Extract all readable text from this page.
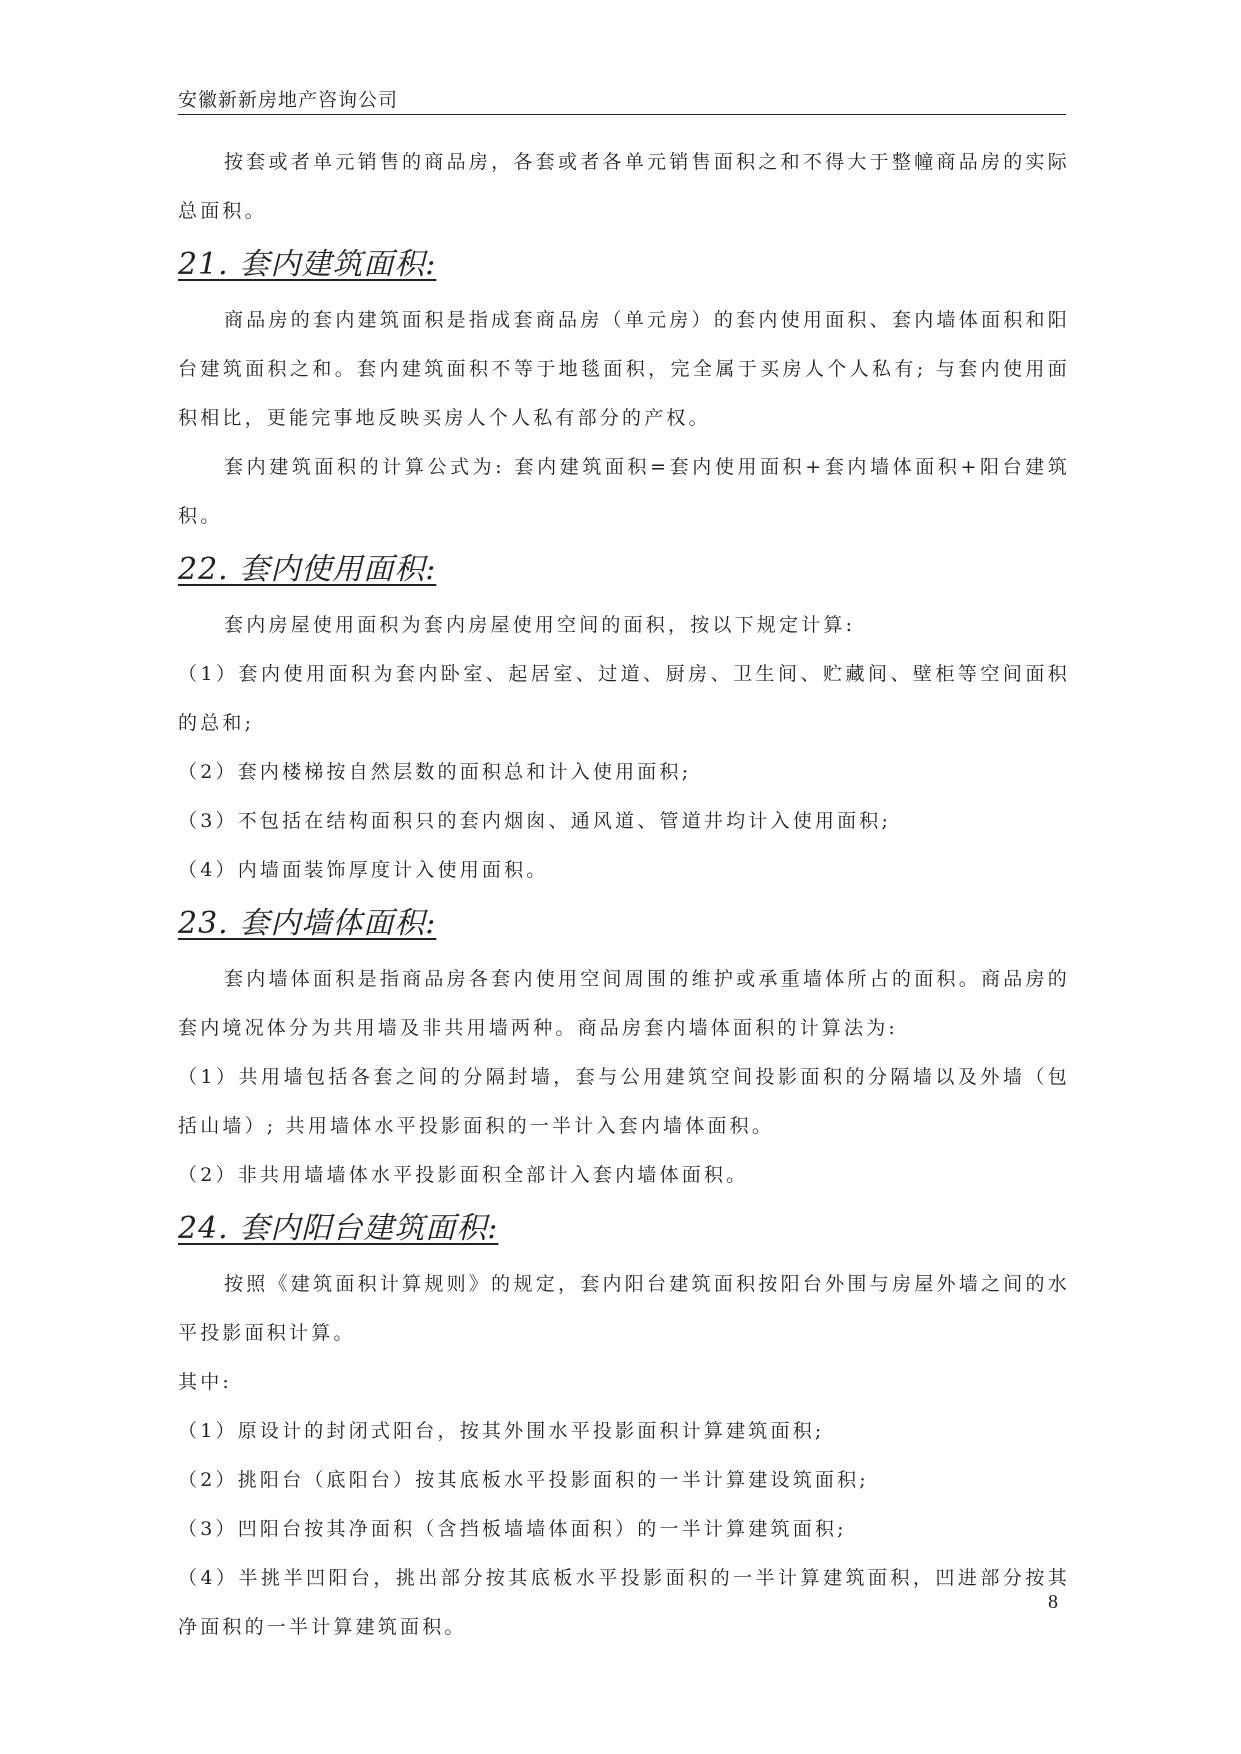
安徽新新房地产咨询公司

按套或者单元销售的商品房，各套或者各单元销售面积之和不得大于整幢商品房的实际总面积。

21. 套内建筑面积:

商品房的套内建筑面积是指成套商品房（单元房）的套内使用面积、套内墙体面积和阳台建筑面积之和。套内建筑面积不等于地毯面积，完全属于买房人个人私有; 与套内使用面积相比，更能完事地反映买房人个人私有部分的产权。

套内建筑面积的计算公式为: 套内建筑面积=套内使用面积+套内墙体面积+阳台建筑积。

22. 套内使用面积:

套内房屋使用面积为套内房屋使用空间的面积，按以下规定计算:

（1）套内使用面积为套内卧室、起居室、过道、厨房、卫生间、贮藏间、壁柜等空间面积的总和;

（2）套内楼梯按自然层数的面积总和计入使用面积;

（3）不包括在结构面积只的套内烟囱、通风道、管道井均计入使用面积;

（4）内墙面装饰厚度计入使用面积。

23. 套内墙体面积:

套内墙体面积是指商品房各套内使用空间周围的维护或承重墙体所占的面积。商品房的套内境况体分为共用墙及非共用墙两种。商品房套内墙体面积的计算法为:

（1）共用墙包括各套之间的分隔封墙，套与公用建筑空间投影面积的分隔墙以及外墙（包括山墙）; 共用墙体水平投影面积的一半计入套内墙体面积。

（2）非共用墙墙体水平投影面积全部计入套内墙体面积。

24. 套内阳台建筑面积:

按照《建筑面积计算规则》的规定，套内阳台建筑面积按阳台外围与房屋外墙之间的水平投影面积计算。

其中:

（1）原设计的封闭式阳台，按其外围水平投影面积计算建筑面积;

（2）挑阳台（底阳台）按其底板水平投影面积的一半计算建设筑面积;

（3）凹阳台按其净面积（含挡板墙墙体面积）的一半计算建筑面积;

（4）半挑半凹阳台，挑出部分按其底板水平投影面积的一半计算建筑面积，凹进部分按其净面积的一半计算建筑面积。

8
